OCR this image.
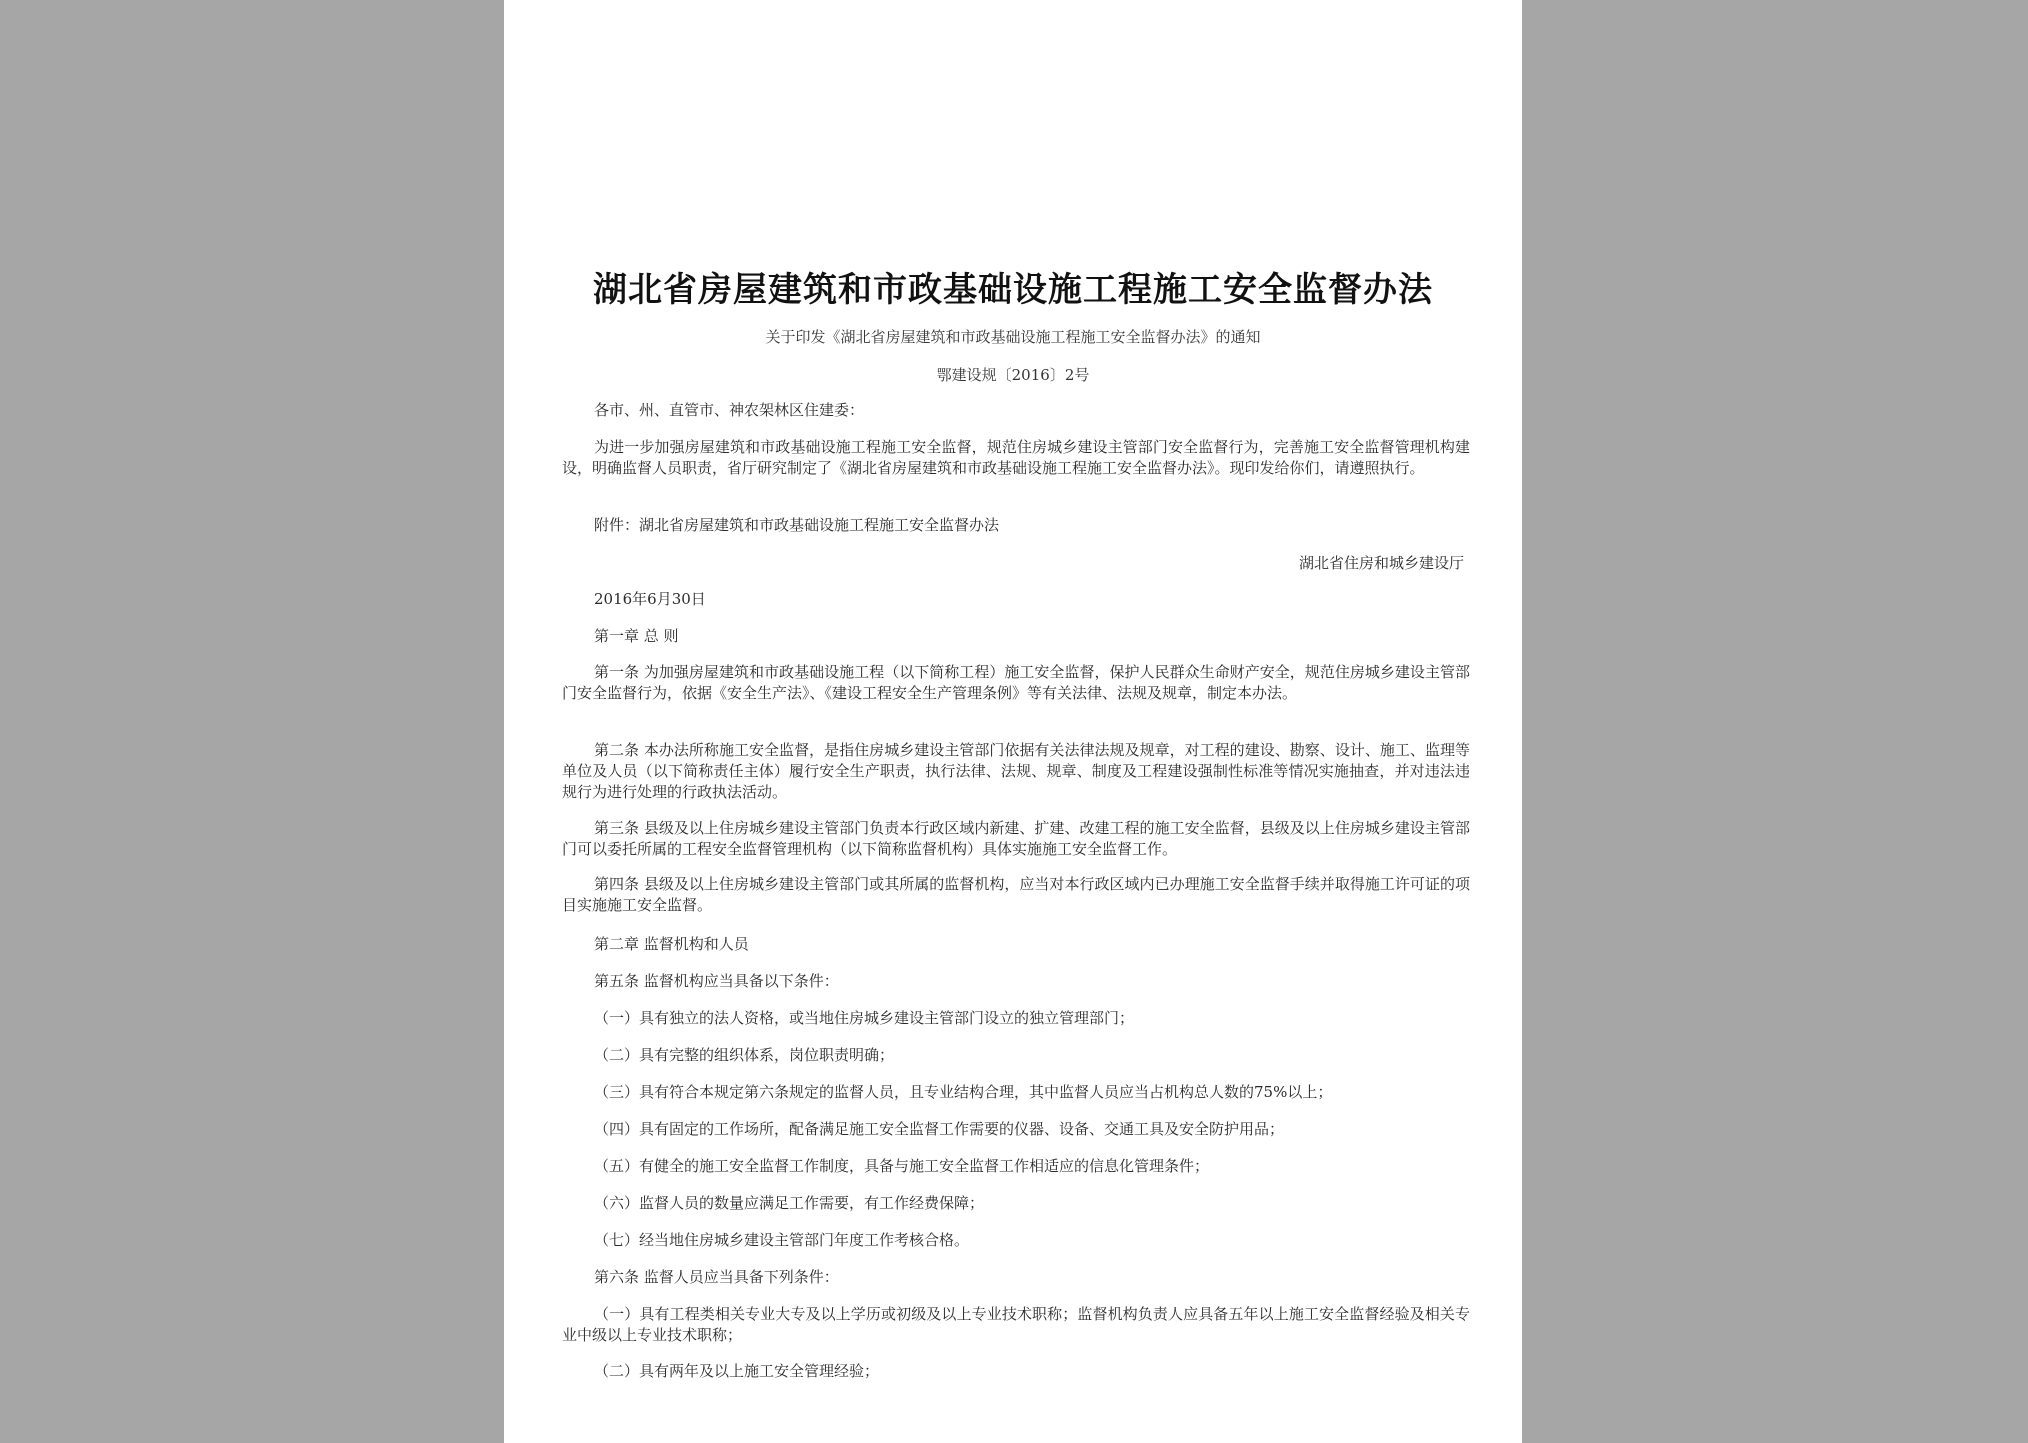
湖北省房屋建筑和市政基础设施工程施工安全监督办法
关于印发《湖北省房屋建筑和市政基础设施工程施工安全监督办法》的通知
鄂建设规〔2016〕2号
各市、州、直管市、神农架林区住建委：
为进一步加强房屋建筑和市政基础设施工程施工安全监督，规范住房城乡建设主管部门安全监督行为，完善施工安全监督管理机构建设，明确监督人员职责，省厅研究制定了《湖北省房屋建筑和市政基础设施工程施工安全监督办法》。现印发给你们，请遵照执行。
附件：湖北省房屋建筑和市政基础设施工程施工安全监督办法
湖北省住房和城乡建设厅
2016年6月30日
第一章 总 则
第一条 为加强房屋建筑和市政基础设施工程（以下简称工程）施工安全监督，保护人民群众生命财产安全，规范住房城乡建设主管部门安全监督行为，依据《安全生产法》、《建设工程安全生产管理条例》等有关法律、法规及规章，制定本办法。
第二条 本办法所称施工安全监督，是指住房城乡建设主管部门依据有关法律法规及规章，对工程的建设、勘察、设计、施工、监理等单位及人员（以下简称责任主体）履行安全生产职责，执行法律、法规、规章、制度及工程建设强制性标准等情况实施抽查，并对违法违规行为进行处理的行政执法活动。
第三条 县级及以上住房城乡建设主管部门负责本行政区域内新建、扩建、改建工程的施工安全监督，县级及以上住房城乡建设主管部门可以委托所属的工程安全监督管理机构（以下简称监督机构）具体实施施工安全监督工作。
第四条 县级及以上住房城乡建设主管部门或其所属的监督机构，应当对本行政区域内已办理施工安全监督手续并取得施工许可证的项目实施施工安全监督。
第二章 监督机构和人员
第五条 监督机构应当具备以下条件：
（一）具有独立的法人资格，或当地住房城乡建设主管部门设立的独立管理部门；
（二）具有完整的组织体系，岗位职责明确；
（三）具有符合本规定第六条规定的监督人员，且专业结构合理，其中监督人员应当占机构总人数的75%以上；
（四）具有固定的工作场所，配备满足施工安全监督工作需要的仪器、设备、交通工具及安全防护用品；
（五）有健全的施工安全监督工作制度，具备与施工安全监督工作相适应的信息化管理条件；
（六）监督人员的数量应满足工作需要，有工作经费保障；
（七）经当地住房城乡建设主管部门年度工作考核合格。
第六条 监督人员应当具备下列条件：
（一）具有工程类相关专业大专及以上学历或初级及以上专业技术职称；监督机构负责人应具备五年以上施工安全监督经验及相关专业中级以上专业技术职称；
（二）具有两年及以上施工安全管理经验；
